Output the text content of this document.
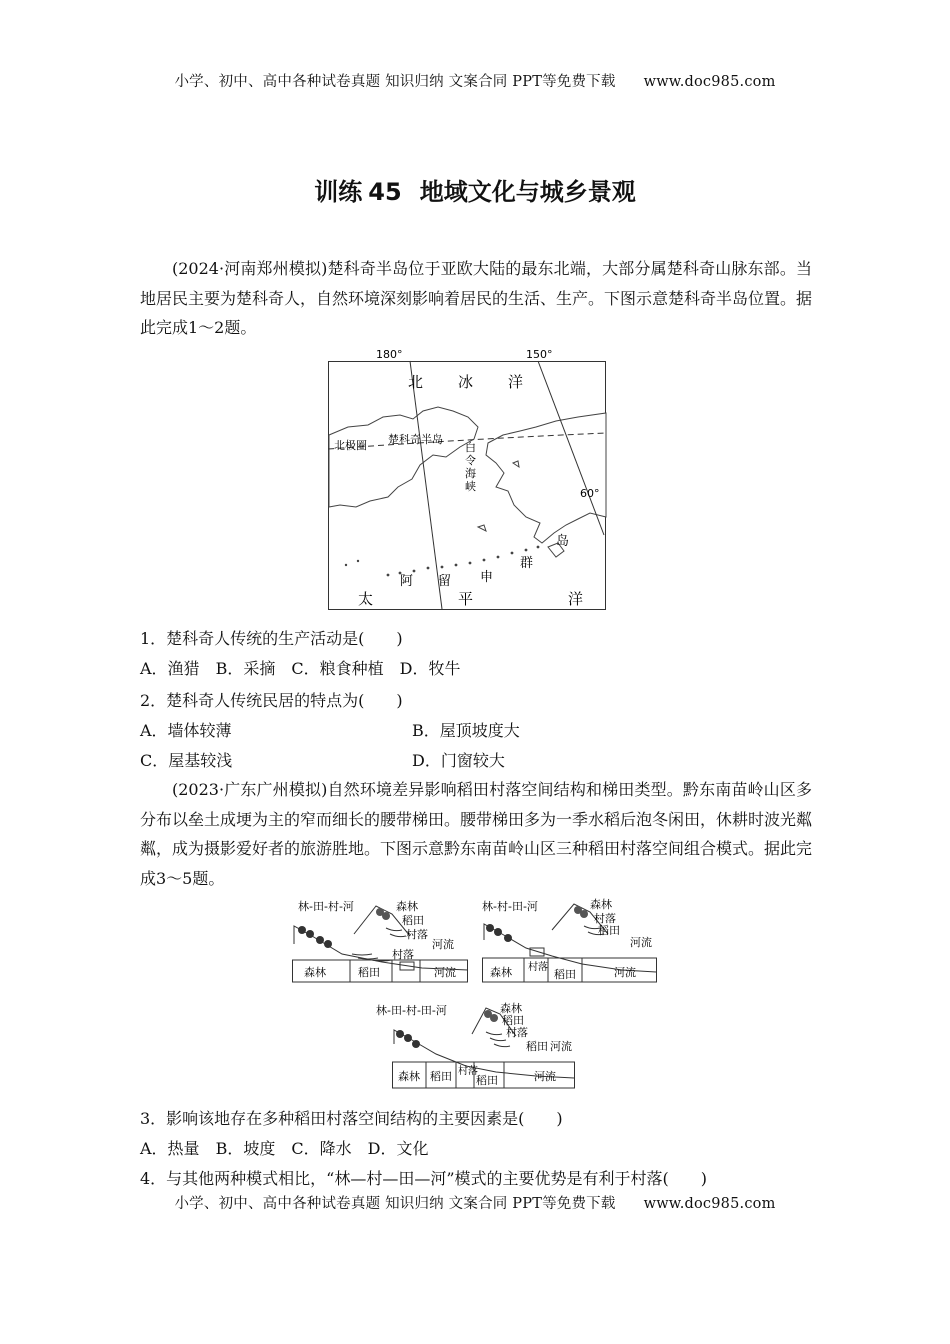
小学、初中、高中各种试卷真题 知识归纳 文案合同 PPT等免费下载 www.doc985.com
训练 45 地域文化与城乡景观
(2024·河南郑州模拟)楚科奇半岛位于亚欧大陆的最东北端，大部分属楚科奇山脉东部。当地居民主要为楚科奇人，自然环境深刻影响着居民的生活、生产。下图示意楚科奇半岛位置。据此完成1～2题。
180°	150°
60°
北 冰 洋
北极圈 楚科奇半岛
白
令
海
峡
阿 留 申
群
岛
太	平	洋
1．楚科奇人传统的生产活动是(　　)
A．渔猎　 B．采摘　 C．粮食种植　 D．牧牛
2．楚科奇人传统民居的特点为(　　)
A．墙体较薄	B．屋顶坡度大
C．屋基较浅	D．门窗较大
(2023·广东广州模拟)自然环境差异影响稻田村落空间结构和梯田类型。黔东南苗岭山区多分布以垒土成埂为主的窄而细长的腰带梯田。腰带梯田多为一季水稻后泡冬闲田，休耕时波光粼粼，成为摄影爱好者的旅游胜地。下图示意黔东南苗岭山区三种稻田村落空间组合模式。据此完成3～5题。
林-田-村-河	森林
稻田
村落
河流
森林	稻田
村落
河流
林-村-田-河	森林
村落
稻田
河流
森林 村落
稻田	河流
林-田-村-田-河	森林
稻田
村落
稻田 河流
森林 稻田 村落
稻田	河流
3．影响该地存在多种稻田村落空间结构的主要因素是(　　)
A．热量　 B．坡度　 C．降水　 D．文化
4．与其他两种模式相比，“林—村—田—河”模式的主要优势是有利于村落(　　)
小学、初中、高中各种试卷真题 知识归纳 文案合同 PPT等免费下载 www.doc985.com
